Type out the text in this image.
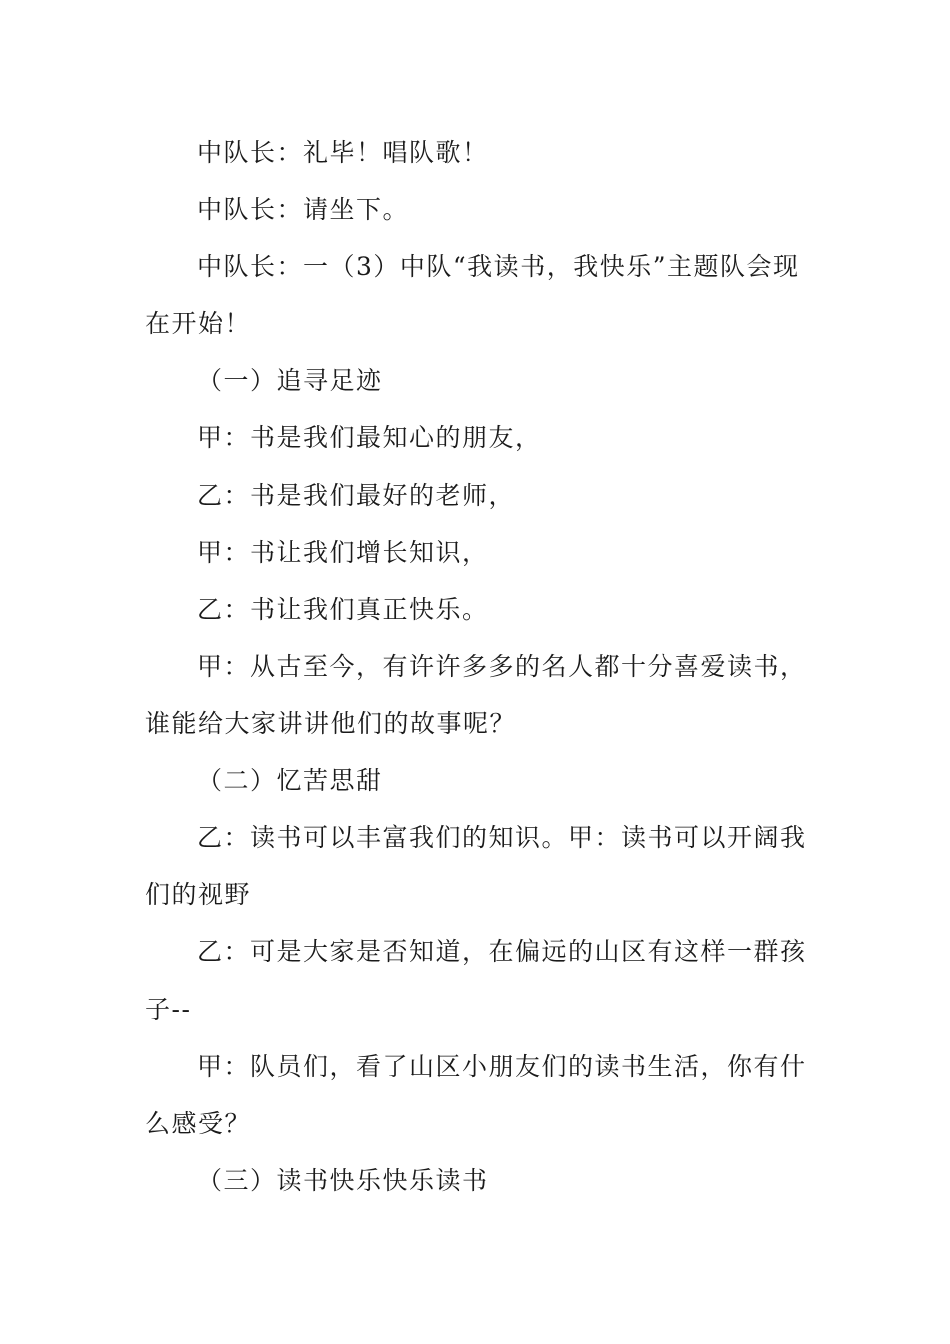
中队长：礼毕！唱队歌！
中队长：请坐下。
中队长：一（3）中队“我读书，我快乐”主题队会现
在开始！
（一）追寻足迹
甲：书是我们最知心的朋友，
乙：书是我们最好的老师，
甲：书让我们增长知识，
乙：书让我们真正快乐。
甲：从古至今，有许许多多的名人都十分喜爱读书，
谁能给大家讲讲他们的故事呢？
（二）忆苦思甜
乙：读书可以丰富我们的知识。甲：读书可以开阔我
们的视野
乙：可是大家是否知道，在偏远的山区有这样一群孩
子--
甲：队员们，看了山区小朋友们的读书生活，你有什
么感受？
（三）读书快乐快乐读书
